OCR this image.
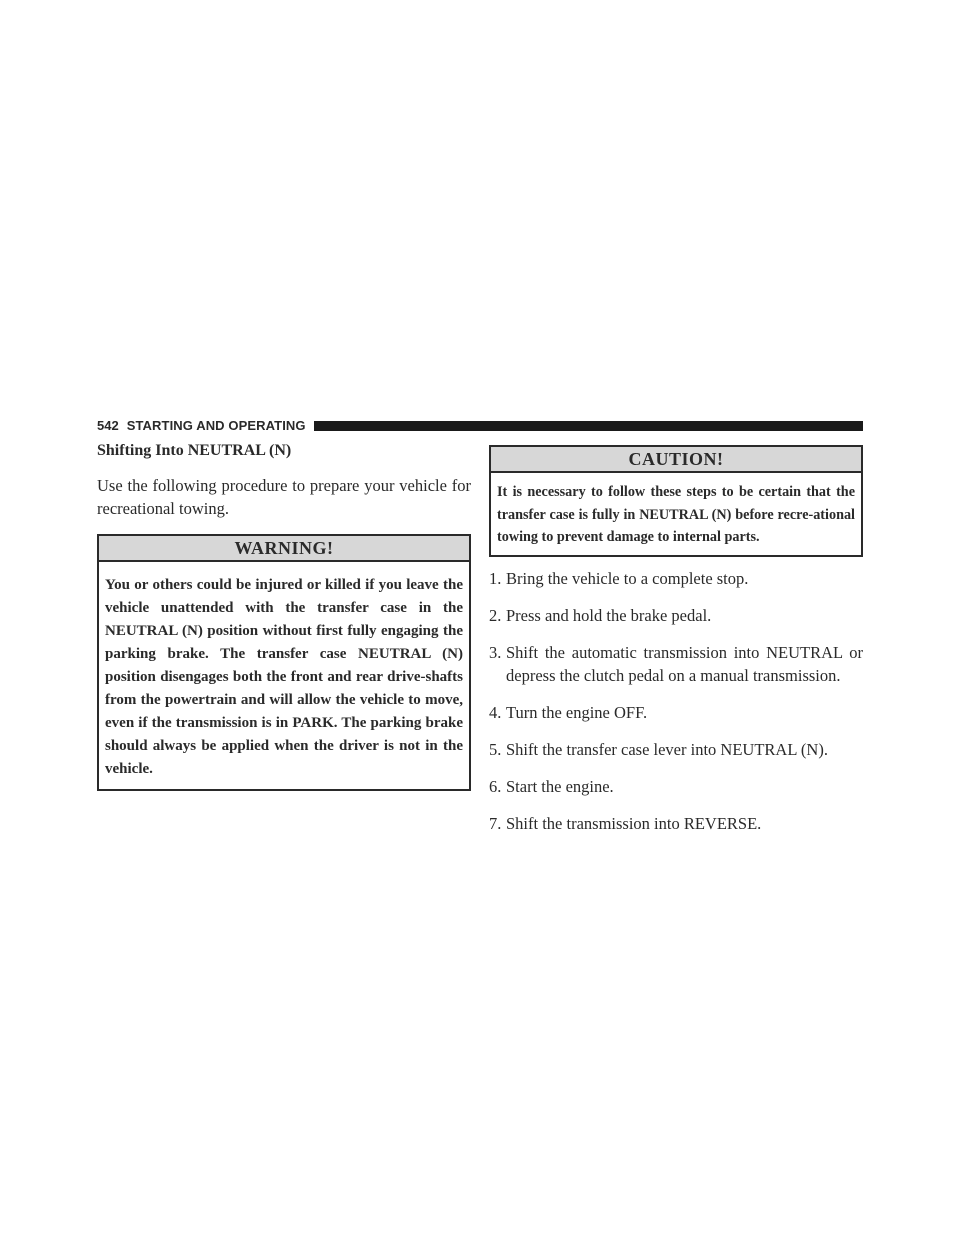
542 STARTING AND OPERATING
Shifting Into NEUTRAL (N)

Use the following procedure to prepare your vehicle for recreational towing.

WARNING!
You or others could be injured or killed if you leave the vehicle unattended with the transfer case in the NEUTRAL (N) position without first fully engaging the parking brake. The transfer case NEUTRAL (N) position disengages both the front and rear drive-shafts from the powertrain and will allow the vehicle to move, even if the transmission is in PARK. The parking brake should always be applied when the driver is not in the vehicle.
CAUTION!
It is necessary to follow these steps to be certain that the transfer case is fully in NEUTRAL (N) before recre-ational towing to prevent damage to internal parts.
1. Bring the vehicle to a complete stop.
2. Press and hold the brake pedal.
3. Shift the automatic transmission into NEUTRAL or depress the clutch pedal on a manual transmission.
4. Turn the engine OFF.
5. Shift the transfer case lever into NEUTRAL (N).
6. Start the engine.
7. Shift the transmission into REVERSE.
